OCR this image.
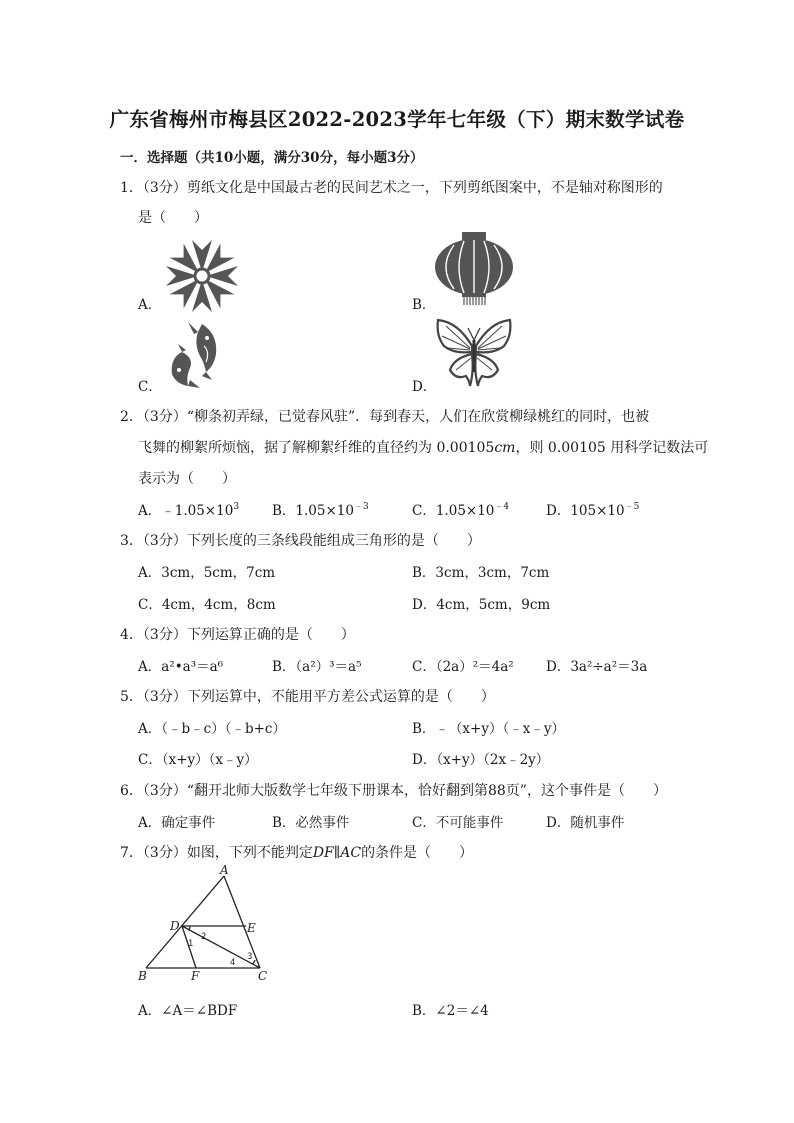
广东省梅州市梅县区2022-2023学年七年级（下）期末数学试卷
一．选择题（共10小题，满分30分，每小题3分）
1．（3分）剪纸文化是中国最古老的民间艺术之一，下列剪纸图案中，不是轴对称图形的
是（　　）
A．	B．
C．	D．
2．（3分）“柳条初弄绿，已觉春风驻”．每到春天，人们在欣赏柳绿桃红的同时，也被
飞舞的柳絮所烦恼，据了解柳絮纤维的直径约为 0.00105cm，则 0.00105 用科学记数法可
表示为（　　）
A．$﹣1.05\times 10^3$ B．$1.05\times 10^{﹣3}$	C．$1.05\times 10^{﹣4}$	D．$105\times 10^{﹣5}$
3．（3分）下列长度的三条线段能组成三角形的是（　　）
A．3cm，5cm，7cm	B．3cm，3cm，7cm
C．4cm，4cm，8cm	D．4cm，5cm，9cm
4．（3分）下列运算正确的是（　　）
A．a²•a³＝a⁶	B．（a²）³＝a⁵	C．（2a）²＝4a² D．3a²÷a²＝3a
5．（3分）下列运算中，不能用平方差公式运算的是（　　）
A．（﹣b﹣c）（﹣b+c）	B．﹣（x+y）（﹣x﹣y）
C．（x+y）（x﹣y）	D．（x+y）（2x﹣2y）
6．（3分）“翻开北师大版数学七年级下册课本，恰好翻到第88页”，这个事件是（　　）
A．确定事件	B．必然事件	C．不可能事件	D．随机事件
7．（3分）如图，下列不能判定DF∥AC的条件是（　　）
A
D	E
B	F	C
1
2
3
4
A．∠A＝∠BDF	B．∠2＝∠4
